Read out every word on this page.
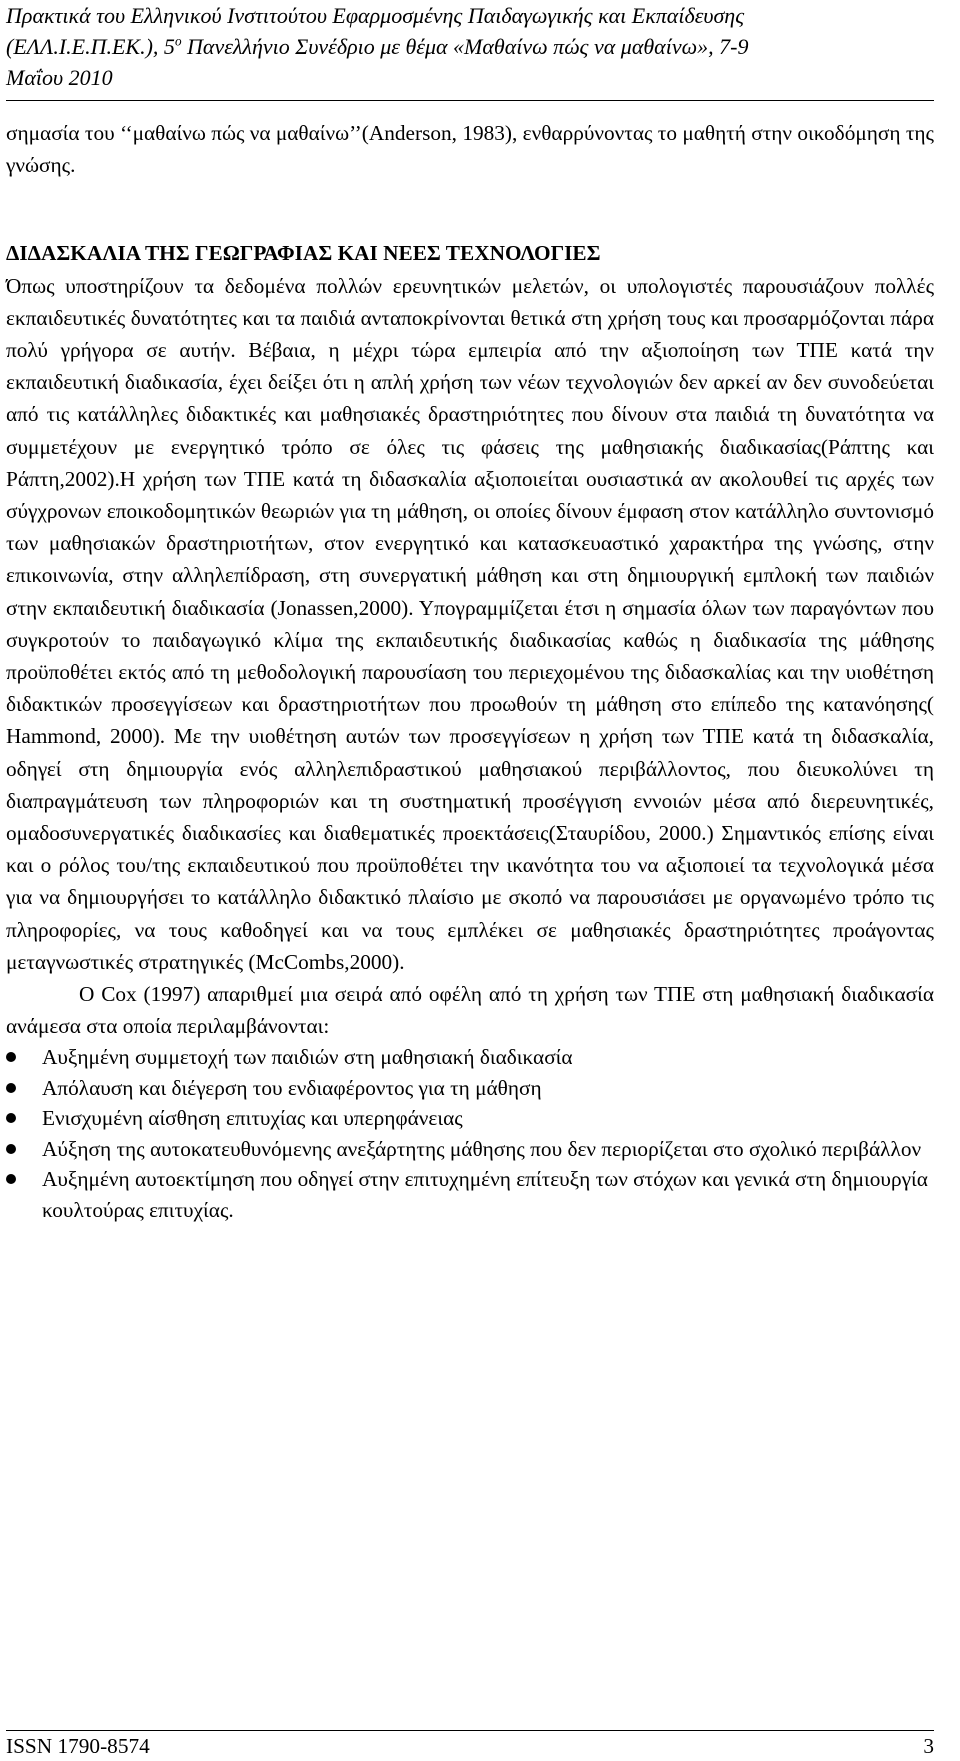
Πρακτικά του Ελληνικού Ινστιτούτου Εφαρμοσμένης Παιδαγωγικής και Εκπαίδευσης
(ΕΛΛ.Ι.Ε.Π.ΕΚ.), $5^o$ Πανελλήνιο Συνέδριο με θέμα «Μαθαίνω πώς να μαθαίνω», 7-9
Μαΐου 2010

σημασία του ‘‘μαθαίνω πώς να μαθαίνω’’(Anderson, 1983), ενθαρρύνοντας το μαθητή στην οικοδόμηση της γνώσης.

ΔΙΔΑΣΚΑΛΙΑ ΤΗΣ ΓΕΩΓΡΑΦΙΑΣ ΚΑΙ ΝΕΕΣ ΤΕΧΝΟΛΟΓΙΕΣ

Όπως υποστηρίζουν τα δεδομένα πολλών ερευνητικών μελετών, οι υπολογιστές παρουσιάζουν πολλές εκπαιδευτικές δυνατότητες και τα παιδιά ανταποκρίνονται θετικά στη χρήση τους και προσαρμόζονται πάρα πολύ γρήγορα σε αυτήν. Βέβαια, η μέχρι τώρα εμπειρία από την αξιοποίηση των ΤΠΕ κατά την εκπαιδευτική διαδικασία, έχει δείξει ότι η απλή χρήση των νέων τεχνολογιών δεν αρκεί αν δεν συνοδεύεται από τις κατάλληλες διδακτικές και μαθησιακές δραστηριότητες που δίνουν στα παιδιά τη δυνατότητα να συμμετέχουν με ενεργητικό τρόπο σε όλες τις φάσεις της μαθησιακής διαδικασίας(Ράπτης και Ράπτη,2002).Η χρήση των ΤΠΕ κατά τη διδασκαλία αξιοποιείται ουσιαστικά αν ακολουθεί τις αρχές των σύγχρονων εποικοδομητικών θεωριών για τη μάθηση, οι οποίες δίνουν έμφαση στον κατάλληλο συντονισμό των μαθησιακών δραστηριοτήτων, στον ενεργητικό και κατασκευαστικό χαρακτήρα της γνώσης, στην επικοινωνία, στην αλληλεπίδραση, στη συνεργατική μάθηση και στη δημιουργική εμπλοκή των παιδιών στην εκπαιδευτική διαδικασία (Jonassen,2000). Υπογραμμίζεται έτσι η σημασία όλων των παραγόντων που συγκροτούν το παιδαγωγικό κλίμα της εκπαιδευτικής διαδικασίας καθώς η διαδικασία της μάθησης προϋποθέτει εκτός από τη μεθοδολογική παρουσίαση του περιεχομένου της διδασκαλίας και την υιοθέτηση διδακτικών προσεγγίσεων και δραστηριοτήτων που προωθούν τη μάθηση στο επίπεδο της κατανόησης( Hammond, 2000). Με την υιοθέτηση αυτών των προσεγγίσεων η χρήση των ΤΠΕ κατά τη διδασκαλία, οδηγεί στη δημιουργία ενός αλληλεπιδραστικού μαθησιακού περιβάλλοντος, που διευκολύνει τη διαπραγμάτευση των πληροφοριών και τη συστηματική προσέγγιση εννοιών μέσα από διερευνητικές, ομαδοσυνεργατικές διαδικασίες και διαθεματικές προεκτάσεις(Σταυρίδου, 2000.) Σημαντικός επίσης είναι και ο ρόλος του/της εκπαιδευτικού που προϋποθέτει την ικανότητα του να αξιοποιεί τα τεχνολογικά μέσα για να δημιουργήσει το κατάλληλο διδακτικό πλαίσιο με σκοπό να παρουσιάσει με οργανωμένο τρόπο τις πληροφορίες, να τους καθοδηγεί και να τους εμπλέκει σε μαθησιακές δραστηριότητες προάγοντας μεταγνωστικές στρατηγικές (McCombs,2000).

Ο Cox (1997) απαριθμεί μια σειρά από οφέλη από τη χρήση των ΤΠΕ στη μαθησιακή διαδικασία ανάμεσα στα οποία περιλαμβάνονται:

Αυξημένη συμμετοχή των παιδιών στη μαθησιακή διαδικασία
Απόλαυση και διέγερση του ενδιαφέροντος για τη μάθηση
Ενισχυμένη αίσθηση επιτυχίας και υπερηφάνειας
Αύξηση της αυτοκατευθυνόμενης ανεξάρτητης μάθησης που δεν περιορίζεται στο σχολικό περιβάλλον
Αυξημένη αυτοεκτίμηση που οδηγεί στην επιτυχημένη επίτευξη των στόχων και γενικά στη δημιουργία κουλτούρας επιτυχίας.
ISSN 1790-8574	3
